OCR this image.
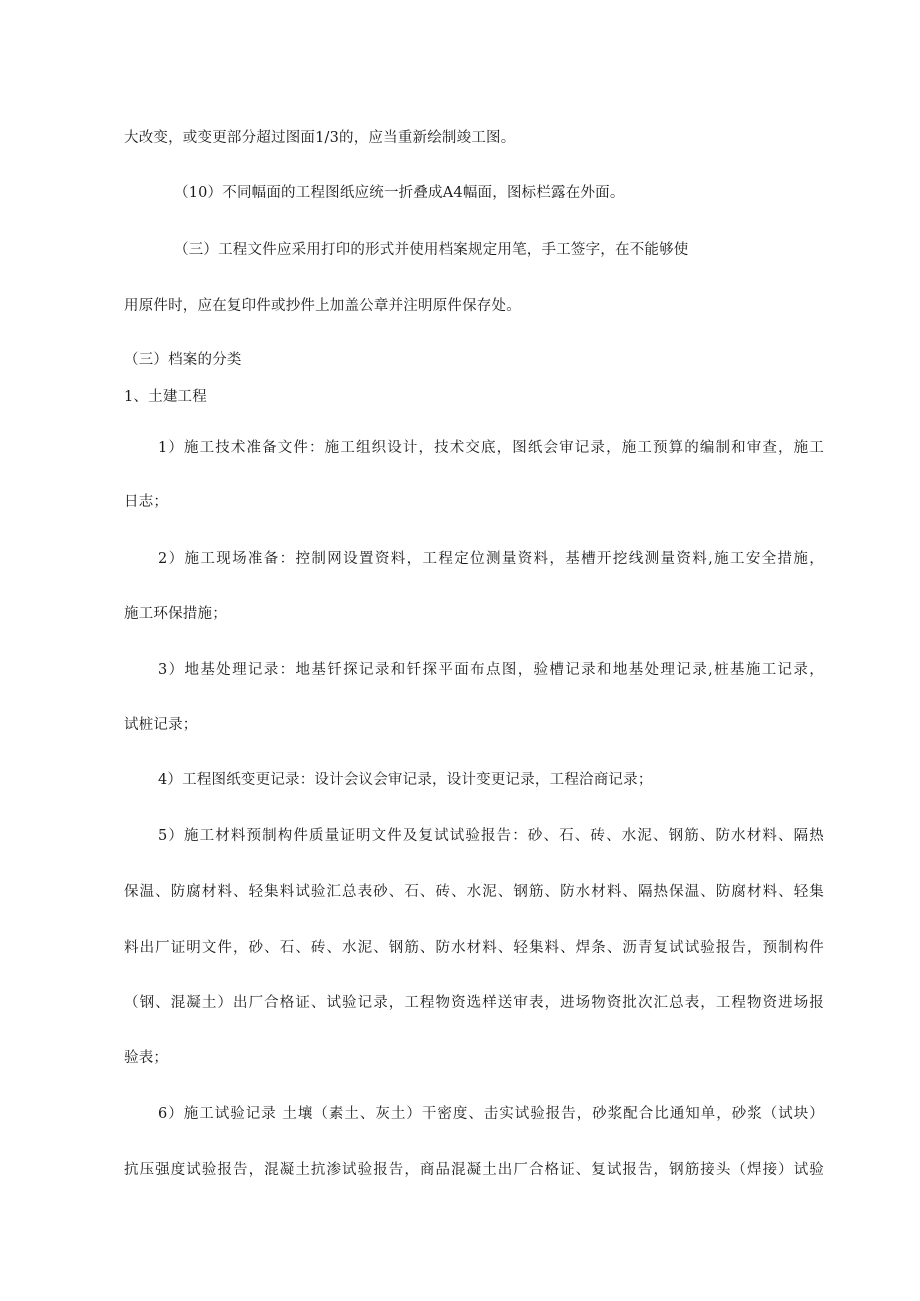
大改变，或变更部分超过图面1/3的，应当重新绘制竣工图。
（10）不同幅面的工程图纸应统一折叠成A4幅面，图标栏露在外面。
（三）工程文件应采用打印的形式并使用档案规定用笔，手工签字，在不能够使
用原件时，应在复印件或抄件上加盖公章并注明原件保存处。
（三）档案的分类
1、土建工程
1）施工技术准备文件：施工组织设计，技术交底，图纸会审记录，施工预算的编制和审查，施工
日志；
2）施工现场准备：控制网设置资料，工程定位测量资料，基槽开挖线测量资料,施工安全措施，
施工环保措施；
3）地基处理记录：地基钎探记录和钎探平面布点图，验槽记录和地基处理记录,桩基施工记录，
试桩记录；
4）工程图纸变更记录：设计会议会审记录，设计变更记录，工程洽商记录；
5）施工材料预制构件质量证明文件及复试试验报告：砂、石、砖、水泥、钢筋、防水材料、隔热
保温、防腐材料、轻集料试验汇总表砂、石、砖、水泥、钢筋、防水材料、隔热保温、防腐材料、轻集
料出厂证明文件，砂、石、砖、水泥、钢筋、防水材料、轻集料、焊条、沥青复试试验报告，预制构件
（钢、混凝土）出厂合格证、试验记录，工程物资选样送审表，进场物资批次汇总表，工程物资进场报
验表；
6）施工试验记录 土壤（素土、灰土）干密度、击实试验报告，砂浆配合比通知单，砂浆（试块）
抗压强度试验报告，混凝土抗渗试验报告，商品混凝土出厂合格证、复试报告，钢筋接头（焊接）试验
